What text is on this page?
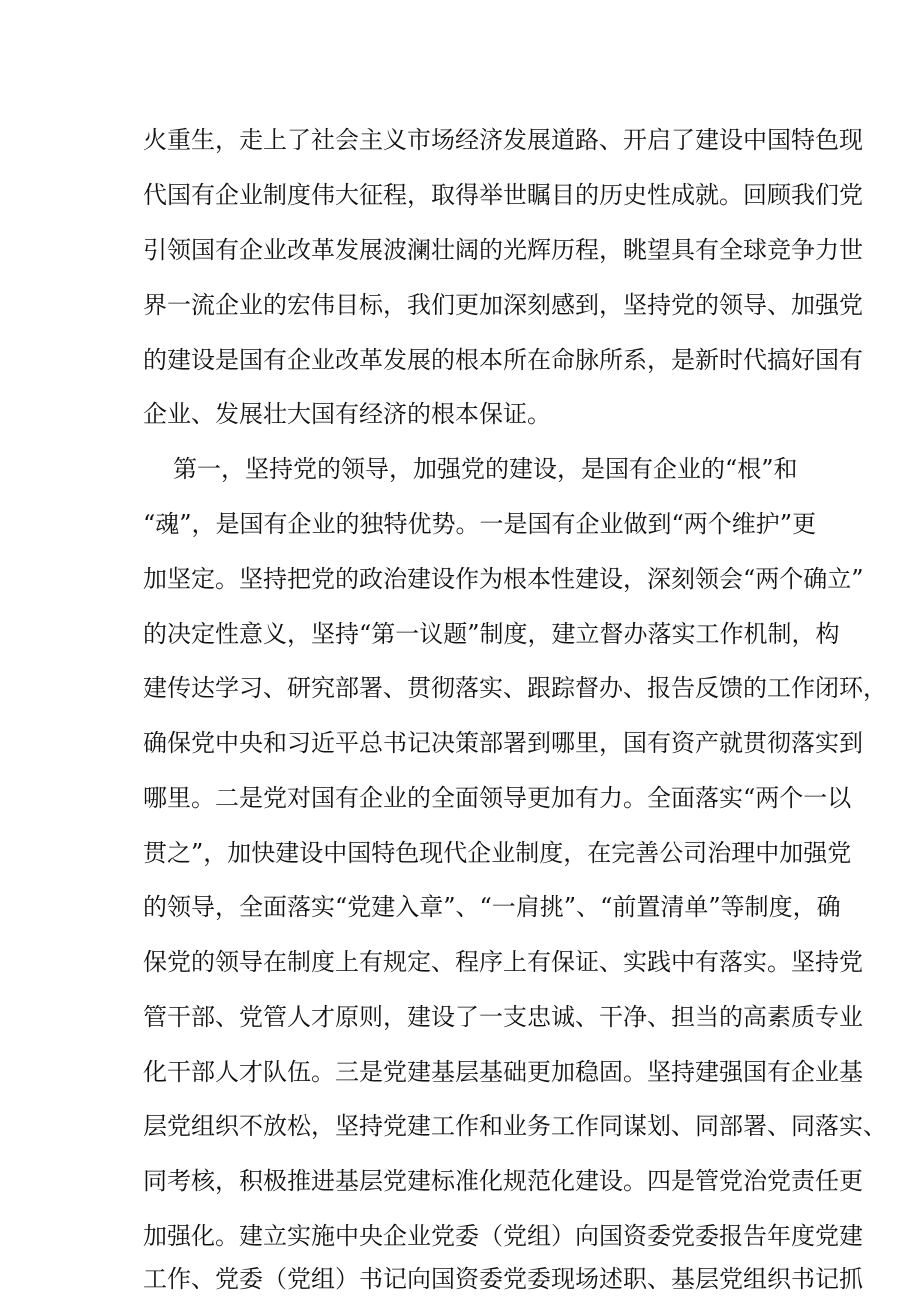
火重生，走上了社会主义市场经济发展道路、开启了建设中国特色现
代国有企业制度伟大征程，取得举世瞩目的历史性成就。回顾我们党
引领国有企业改革发展波澜壮阔的光辉历程，眺望具有全球竞争力世
界一流企业的宏伟目标，我们更加深刻感到，坚持党的领导、加强党
的建设是国有企业改革发展的根本所在命脉所系，是新时代搞好国有
企业、发展壮大国有经济的根本保证。
第一，坚持党的领导，加强党的建设，是国有企业的“根”和
“魂”，是国有企业的独特优势。一是国有企业做到“两个维护”更
加坚定。坚持把党的政治建设作为根本性建设，深刻领会“两个确立”
的决定性意义，坚持“第一议题”制度，建立督办落实工作机制，构
建传达学习、研究部署、贯彻落实、跟踪督办、报告反馈的工作闭环，
确保党中央和习近平总书记决策部署到哪里，国有资产就贯彻落实到
哪里。二是党对国有企业的全面领导更加有力。全面落实“两个一以
贯之”，加快建设中国特色现代企业制度，在完善公司治理中加强党
的领导，全面落实“党建入章”、“一肩挑”、“前置清单”等制度，确
保党的领导在制度上有规定、程序上有保证、实践中有落实。坚持党
管干部、党管人才原则，建设了一支忠诚、干净、担当的高素质专业
化干部人才队伍。三是党建基层基础更加稳固。坚持建强国有企业基
层党组织不放松，坚持党建工作和业务工作同谋划、同部署、同落实、
同考核，积极推进基层党建标准化规范化建设。四是管党治党责任更
加强化。建立实施中央企业党委（党组）向国资委党委报告年度党建
工作、党委（党组）书记向国资委党委现场述职、基层党组织书记抓
